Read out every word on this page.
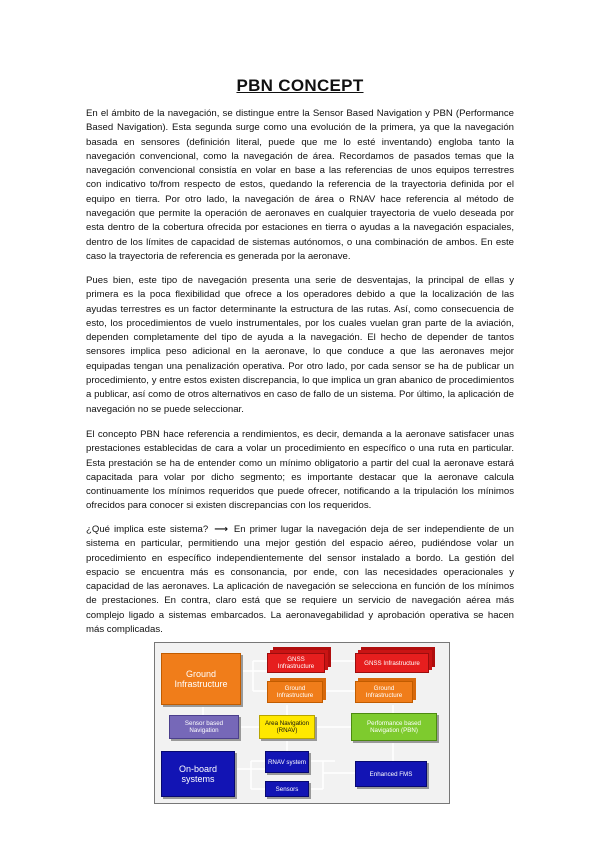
PBN CONCEPT

En el ámbito de la navegación, se distingue entre la Sensor Based Navigation y PBN (Performance Based Navigation). Esta segunda surge como una evolución de la primera, ya que la navegación basada en sensores (definición literal, puede que me lo esté inventando) engloba tanto la navegación convencional, como la navegación de área. Recordamos de pasados temas que la navegación convencional consistía en volar en base a las referencias de unos equipos terrestres con indicativo to/from respecto de estos, quedando la referencia de la trayectoria definida por el equipo en tierra. Por otro lado, la navegación de área o RNAV hace referencia al método de navegación que permite la operación de aeronaves en cualquier trayectoria de vuelo deseada por esta dentro de la cobertura ofrecida por estaciones en tierra o ayudas a la navegación espaciales, dentro de los límites de capacidad de sistemas autónomos, o una combinación de ambos. En este caso la trayectoria de referencia es generada por la aeronave.

Pues bien, este tipo de navegación presenta una serie de desventajas, la principal de ellas y primera es la poca flexibilidad que ofrece a los operadores debido a que la localización de las ayudas terrestres es un factor determinante la estructura de las rutas. Así, como consecuencia de esto, los procedimientos de vuelo instrumentales, por los cuales vuelan gran parte de la aviación, dependen completamente del tipo de ayuda a la navegación. El hecho de depender de tantos sensores implica peso adicional en la aeronave, lo que conduce a que las aeronaves mejor equipadas tengan una penalización operativa. Por otro lado, por cada sensor se ha de publicar un procedimiento, y entre estos existen discrepancia, lo que implica un gran abanico de procedimientos a publicar, así como de otros alternativos en caso de fallo de un sistema. Por último, la aplicación de navegación no se puede seleccionar.

El concepto PBN hace referencia a rendimientos, es decir, demanda a la aeronave satisfacer unas prestaciones establecidas de cara a volar un procedimiento en específico o una ruta en particular. Esta prestación se ha de entender como un mínimo obligatorio a partir del cual la aeronave estará capacitada para volar por dicho segmento; es importante destacar que la aeronave calcula continuamente los mínimos requeridos que puede ofrecer, notificando a la tripulación los mínimos ofrecidos para conocer si existen discrepancias con los requeridos.

¿Qué implica este sistema? ⟶ En primer lugar la navegación deja de ser independiente de un sistema en particular, permitiendo una mejor gestión del espacio aéreo, pudiéndose volar un procedimiento en específico independientemente del sensor instalado a bordo. La gestión del espacio se encuentra más es consonancia, por ende, con las necesidades operacionales y capacidad de las aeronaves. La aplicación de navegación se selecciona en función de los mínimos de prestaciones. En contra, claro está que se requiere un servicio de navegación aérea más complejo ligado a sistemas embarcados. La aeronavegabilidad y aprobación operativa se hacen más complicadas.

Ground Infrastructure
GNSS Infrastructure
Ground Infrastructure
GNSS Infrastructure
Ground Infrastructure
Sensor based Navigation
Area Navigation (RNAV)
Performance based Navigation (PBN)
On-board systems
RNAV system
Sensors
Enhanced FMS
